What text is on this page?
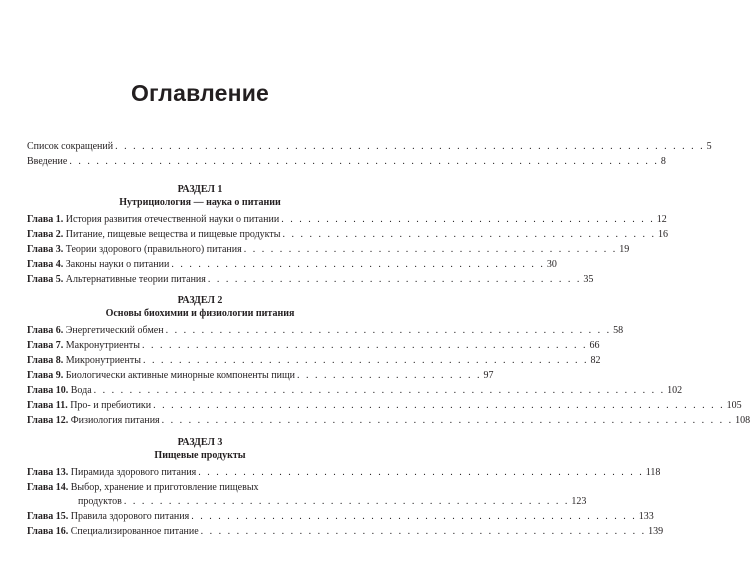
Оглавление
Список сокращений . . . . . . . . . . . . . . . . . . . . . . . . . . . . . . . . . . . . . . . . . . . . . . . . . . . . . . . . . . . . . . . . . . 5
Введение . . . . . . . . . . . . . . . . . . . . . . . . . . . . . . . . . . . . . . . . . . . . . . . . . . . . . . . . . . . . . . . . . . 8
РАЗДЕЛ 1
Нутрициология — наука о питании
Глава 1.
История развития отечественной науки о питании . . . . . . . . . . . . . . . . . . . . . . . . . . . . . . . . . . . . . . . . . . 12
Глава 2.
Питание, пищевые вещества и пищевые продукты . . . . . . . . . . . . . . . . . . . . . . . . . . . . . . . . . . . . . . . . . . 16
Глава 3.
Теории здорового (правильного) питания . . . . . . . . . . . . . . . . . . . . . . . . . . . . . . . . . . . . . . . . . . 19
Глава 4.
Законы науки о питании . . . . . . . . . . . . . . . . . . . . . . . . . . . . . . . . . . . . . . . . . . 30
Глава 5.
Альтернативные теории питания . . . . . . . . . . . . . . . . . . . . . . . . . . . . . . . . . . . . . . . . . . 35
РАЗДЕЛ 2
Основы биохимии и физиологии питания
Глава 6.
Энергетический обмен . . . . . . . . . . . . . . . . . . . . . . . . . . . . . . . . . . . . . . . . . . . . . . . . . . 58
Глава 7.
Макронутриенты . . . . . . . . . . . . . . . . . . . . . . . . . . . . . . . . . . . . . . . . . . . . . . . . . . 66
Глава 8.
Микронутриенты . . . . . . . . . . . . . . . . . . . . . . . . . . . . . . . . . . . . . . . . . . . . . . . . . . 82
Глава 9.
Биологически активные минорные компоненты пищи . . . . . . . . . . . . . . . . . . . . . 97
Глава 10.
Вода . . . . . . . . . . . . . . . . . . . . . . . . . . . . . . . . . . . . . . . . . . . . . . . . . . . . . . . . . . . . . . . . 102
Глава 11.
Про- и пребиотики . . . . . . . . . . . . . . . . . . . . . . . . . . . . . . . . . . . . . . . . . . . . . . . . . . . . . . . . . . . . . . . . 105
Глава 12.
Физиология питания . . . . . . . . . . . . . . . . . . . . . . . . . . . . . . . . . . . . . . . . . . . . . . . . . . . . . . . . . . . . . . . . 108
РАЗДЕЛ 3
Пищевые продукты
Глава 13.
Пирамида здорового питания . . . . . . . . . . . . . . . . . . . . . . . . . . . . . . . . . . . . . . . . . . . . . . . . . . 118
Глава 14.
Выбор, хранение и приготовление пищевых
продуктов . . . . . . . . . . . . . . . . . . . . . . . . . . . . . . . . . . . . . . . . . . . . . . . . . . 123
Глава 15.
Правила здорового питания . . . . . . . . . . . . . . . . . . . . . . . . . . . . . . . . . . . . . . . . . . . . . . . . . . 133
Глава 16.
Специализированное питание . . . . . . . . . . . . . . . . . . . . . . . . . . . . . . . . . . . . . . . . . . . . . . . . . . 139
